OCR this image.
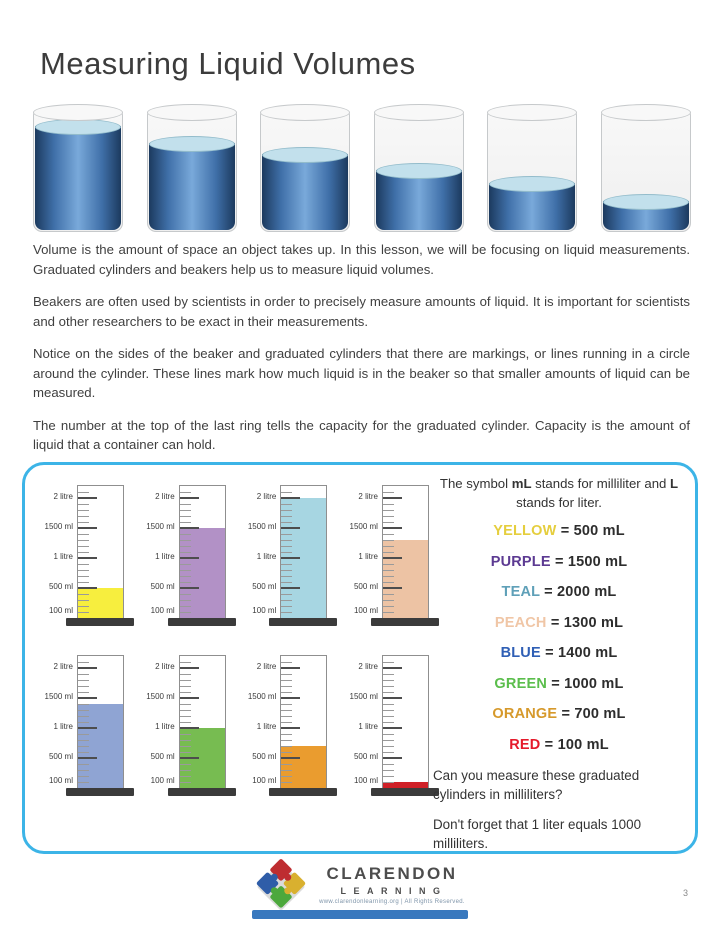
Measuring Liquid Volumes

Volume is the amount of space an object takes up. In this lesson, we will be focusing on liquid measurements. Graduated cylinders and beakers help us to measure liquid volumes.

Beakers are often used by scientists in order to precisely measure amounts of liquid. It is important for scientists and other researchers to be exact in their measurements.

Notice on the sides of the beaker and graduated cylinders that there are markings, or lines running in a circle around the cylinder. These lines mark how much liquid is in the beaker so that smaller amounts of liquid can be measured.

The number at the top of the last ring tells the capacity for the graduated cylinder. Capacity is the amount of liquid that a container can hold.

2 litre
1500 ml
1 litre
500 ml
100 ml
2 litre
1500 ml
1 litre
500 ml
100 ml
2 litre
1500 ml
1 litre
500 ml
100 ml
2 litre
1500 ml
1 litre
500 ml
100 ml
2 litre
1500 ml
1 litre
500 ml
100 ml
2 litre
1500 ml
1 litre
500 ml
100 ml
2 litre
1500 ml
1 litre
500 ml
100 ml
2 litre
1500 ml
1 litre
500 ml
100 ml
The symbol mL stands for milliliter and L stands for liter.
YELLOW = 500 mL
PURPLE = 1500 mL
TEAL = 2000 mL
PEACH = 1300 mL
BLUE = 1400 mL
GREEN = 1000 mL
ORANGE = 700 mL
RED = 100 mL
Can you measure these graduated cylinders in milliliters?
Don't forget that 1 liter equals 1000 milliliters.
CLARENDON
LEARNING
www.clarendonlearning.org | All Rights Reserved.
3
